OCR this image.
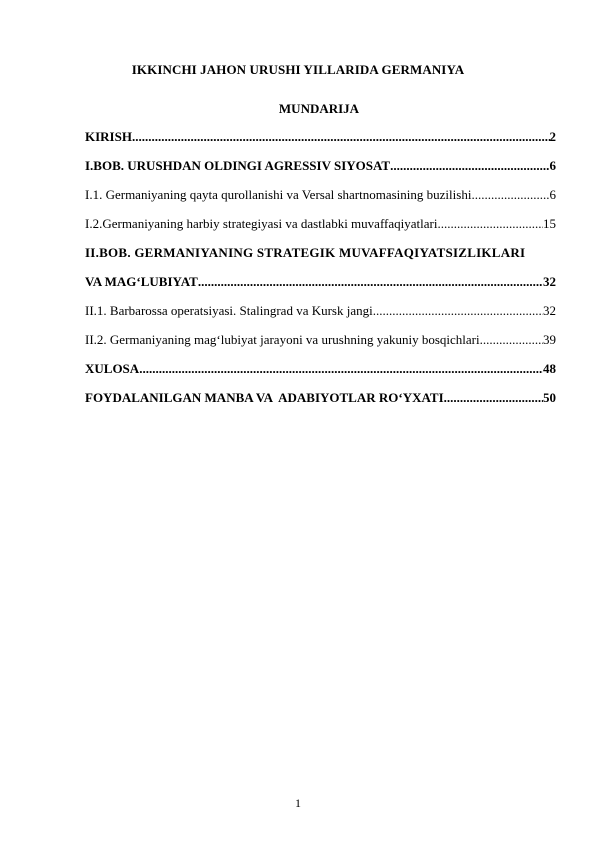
IKKINCHI JAHON URUSHI YILLARIDA GERMANIYA
MUNDARIJA
KIRISH .....	2
I.BOB. URUSHDAN OLDINGI AGRESSIV SIYOSAT .....	6
I.1. Germaniyaning qayta qurollanishi va Versal shartnomasining buzilishi .....	6
I.2.Germaniyaning harbiy strategiyasi va dastlabki muvaffaqiyatlari .....	15
II.BOB. GERMANIYANING STRATEGIK MUVAFFAQIYATSIZLIKLARI
VA MAG‘LUBIYAT .....	32
II.1. Barbarossa operatsiyasi. Stalingrad va Kursk jangi .....	32
II.2. Germaniyaning mag‘lubiyat jarayoni va urushning yakuniy bosqichlari .....	39
XULOSA .....	48
FOYDALANILGAN MANBA VA  ADABIYOTLAR RO‘YXATI .....	50
1
